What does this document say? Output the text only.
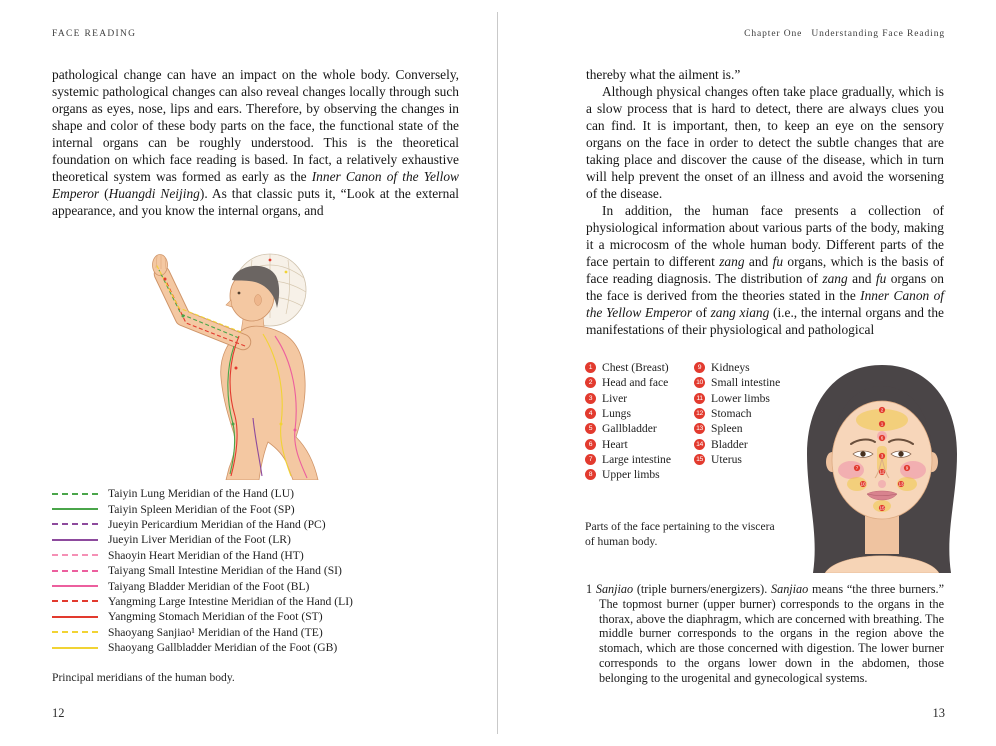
FACE READING

pathological change can have an impact on the whole body. Conversely, systemic pathological changes can also reveal changes locally through such organs as eyes, nose, lips and ears. Therefore, by observing the changes in shape and color of these body parts on the face, the functional state of the internal organs can be roughly understood. This is the theoretical foundation on which face reading is based. In fact, a relatively exhaustive theoretical system was formed as early as the Inner Canon of the Yellow Emperor (Huangdi Neijing). As that classic puts it, “Look at the external appearance, and you know the internal organs, and

Taiyin Lung Meridian of the Hand (LU)
Taiyin Spleen Meridian of the Foot (SP)
Jueyin Pericardium Meridian of the Hand (PC)
Jueyin Liver Meridian of the Foot (LR)
Shaoyin Heart Meridian of the Hand (HT)
Taiyang Small Intestine Meridian of the Hand (SI)
Taiyang Bladder Meridian of the Foot (BL)
Yangming Large Intestine Meridian of the Hand (LI)
Yangming Stomach Meridian of the Foot (ST)
Shaoyang Sanjiao¹ Meridian of the Hand (TE)
Shaoyang Gallbladder Meridian of the Foot (GB)
Principal meridians of the human body.
12
Chapter One Understanding Face Reading

thereby what the ailment is.”

Although physical changes often take place gradually, which is a slow process that is hard to detect, there are always clues you can find. It is important, then, to keep an eye on the sensory organs on the face in order to detect the subtle changes that are taking place and discover the cause of the disease, which in turn will help prevent the onset of an illness and avoid the worsening of the disease.

In addition, the human face presents a collection of physiological information about various parts of the body, making it a microcosm of the whole human body. Different parts of the face pertain to different zang and fu organs, which is the basis of face reading diagnosis. The distribution of zang and fu organs on the face is derived from the theories stated in the Inner Canon of the Yellow Emperor of zang xiang (i.e., the internal organs and the manifestations of their physiological and pathological

1 Chest (Breast)
2 Head and face
3 Liver
4 Lungs
5 Gallbladder
6 Heart
7 Large intestine
8 Upper limbs
9 Kidneys
10 Small intestine
11 Lower limbs
12 Stomach
13 Spleen
14 Bladder
15 Uterus
2
1
6
3
12
7	9
10	13
15
Parts of the face pertaining to the viscera of human body.
1 Sanjiao (triple burners/energizers). Sanjiao means “the three burners.” The topmost burner (upper burner) corresponds to the organs in the thorax, above the diaphragm, which are concerned with breathing. The middle burner corresponds to the organs in the region above the stomach, which are those concerned with digestion. The lower burner corresponds to the organs lower down in the abdomen, those belonging to the urogenital and gynecological systems.
13
